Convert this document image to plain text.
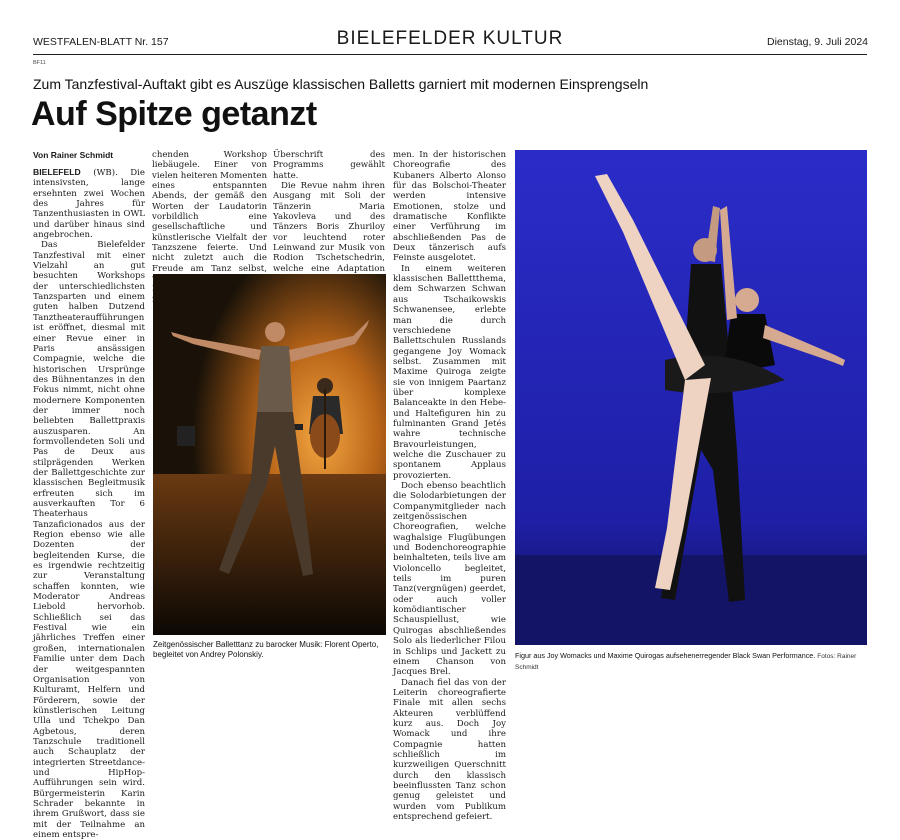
WESTFALEN-BLATT Nr. 157	BIELEFELDER KULTUR	Dienstag, 9. Juli 2024
BF11
Zum Tanzfestival-Auftakt gibt es Auszüge klassischen Balletts garniert mit modernen Einsprengseln
Auf Spitze getanzt
Von Rainer Schmidt

BIELEFELD (WB). Die intensivsten, lange ersehnten zwei Wochen des Jahres für Tanzenthusiasten in OWL und darüber hinaus sind angebrochen.

Das Bielefelder Tanzfestival mit einer Vielzahl an gut besuchten Workshops der unterschiedlichsten Tanzsparten und einem guten halben Dutzend Tanztheateraufführungen ist eröffnet, diesmal mit einer Revue einer in Paris ansässigen Compagnie, welche die historischen Ursprünge des Bühnentanzes in den Fokus nimmt, nicht ohne modernere Komponenten der immer noch beliebten Ballettpraxis auszusparen. An formvollendeten Soli und Pas de Deux aus stilprägenden Werken der Ballettgeschichte zur klassischen Begleitmusik erfreuten sich im ausverkauften Tor 6 Theaterhaus Tanzaficionados aus der Region ebenso wie alle Dozenten der begleitenden Kurse, die es irgendwie rechtzeitig zur Veranstaltung schaffen konnten, wie Moderator Andreas Liebold hervorhob. Schließlich sei das Festival wie ein jährliches Treffen einer großen, internationalen Familie unter dem Dach der weitgespannten Organisation von Kulturamt, Helfern und Förderern, sowie der künstlerischen Leitung Ulla und Tchekpo Dan Agbetous, deren Tanzschule traditionell auch Schauplatz der integrierten Streetdance- und HipHop-Aufführungen sein wird. Bürgermeisterin Karin Schrader bekannte in ihrem Grußwort, dass sie mit der Teilnahme an einem entspre-

chenden Workshop liebäugele. Einer von vielen heiteren Momenten eines entspannten Abends, der gemäß den Worten der Laudatorin vorbildlich eine gesellschaftliche und künstlerische Vielfalt der Tanzszene feierte. Und nicht zuletzt auch die Freude am Tanz selbst,

Überschrift des Programms gewählt hatte.

Die Revue nahm ihren Ausgang mit Soli der Tänzerin Maria Yakovleva und des Tänzers Boris Zhuriloy vor leuchtend roter Leinwand zur Musik von Rodion Tschetschedrin, welche eine Adaptation

men. In der historischen Choreografie des Kubaners Alberto Alonso für das Bolschoi-Theater werden intensive Emotionen, stolze und dramatische Konflikte einer Verführung im abschließenden Pas de Deux tänzerisch aufs Feinste ausgelotet.

In einem weiteren klassischen Ballettthema, dem Schwarzen Schwan aus Tschaikowskis Schwanensee, erlebte man die durch verschiedene Ballettschulen Russlands gegangene Joy Womack selbst. Zusammen mit Maxime Quiroga zeigte sie von innigem Paartanz über komplexe Balanceakte in den Hebe- und Haltefiguren hin zu fulminanten Grand Jetés wahre technische Bravourleistungen, welche die Zuschauer zu spontanem Applaus provozierten.

Doch ebenso beachtlich die Solodarbietungen der Companymitglieder nach zeitgenössischen Choreografien, welche waghalsige Flugübungen und Bodenchoreographie beinhalteten, teils live am Violoncello begleitet, teils im puren Tanz(vergnügen) geerdet, oder auch voller komödiantischer Schauspiellust, wie Quirogas abschließendes Solo als liederlicher Filou in Schlips und Jackett zu einem Chanson von Jacques Brel.

Danach fiel das von der Leiterin choreografierte Finale mit allen sechs Akteuren verblüffend kurz aus. Doch Joy Womack und ihre Compagnie hatten schließlich im kurzweiligen Querschnitt durch den klassisch beeinflussten Tanz schon genug geleistet und wurden vom Publikum entsprechend gefeiert.

Zeitgenössischer Balletttanz zu barocker Musik: Florent Operto, begleitet von Andrey Polonskiy.	Figur aus Joy Womacks und Maxime Quirogas aufsehenerregender Black Swan Performance. Fotos: Rainer Schmidt
